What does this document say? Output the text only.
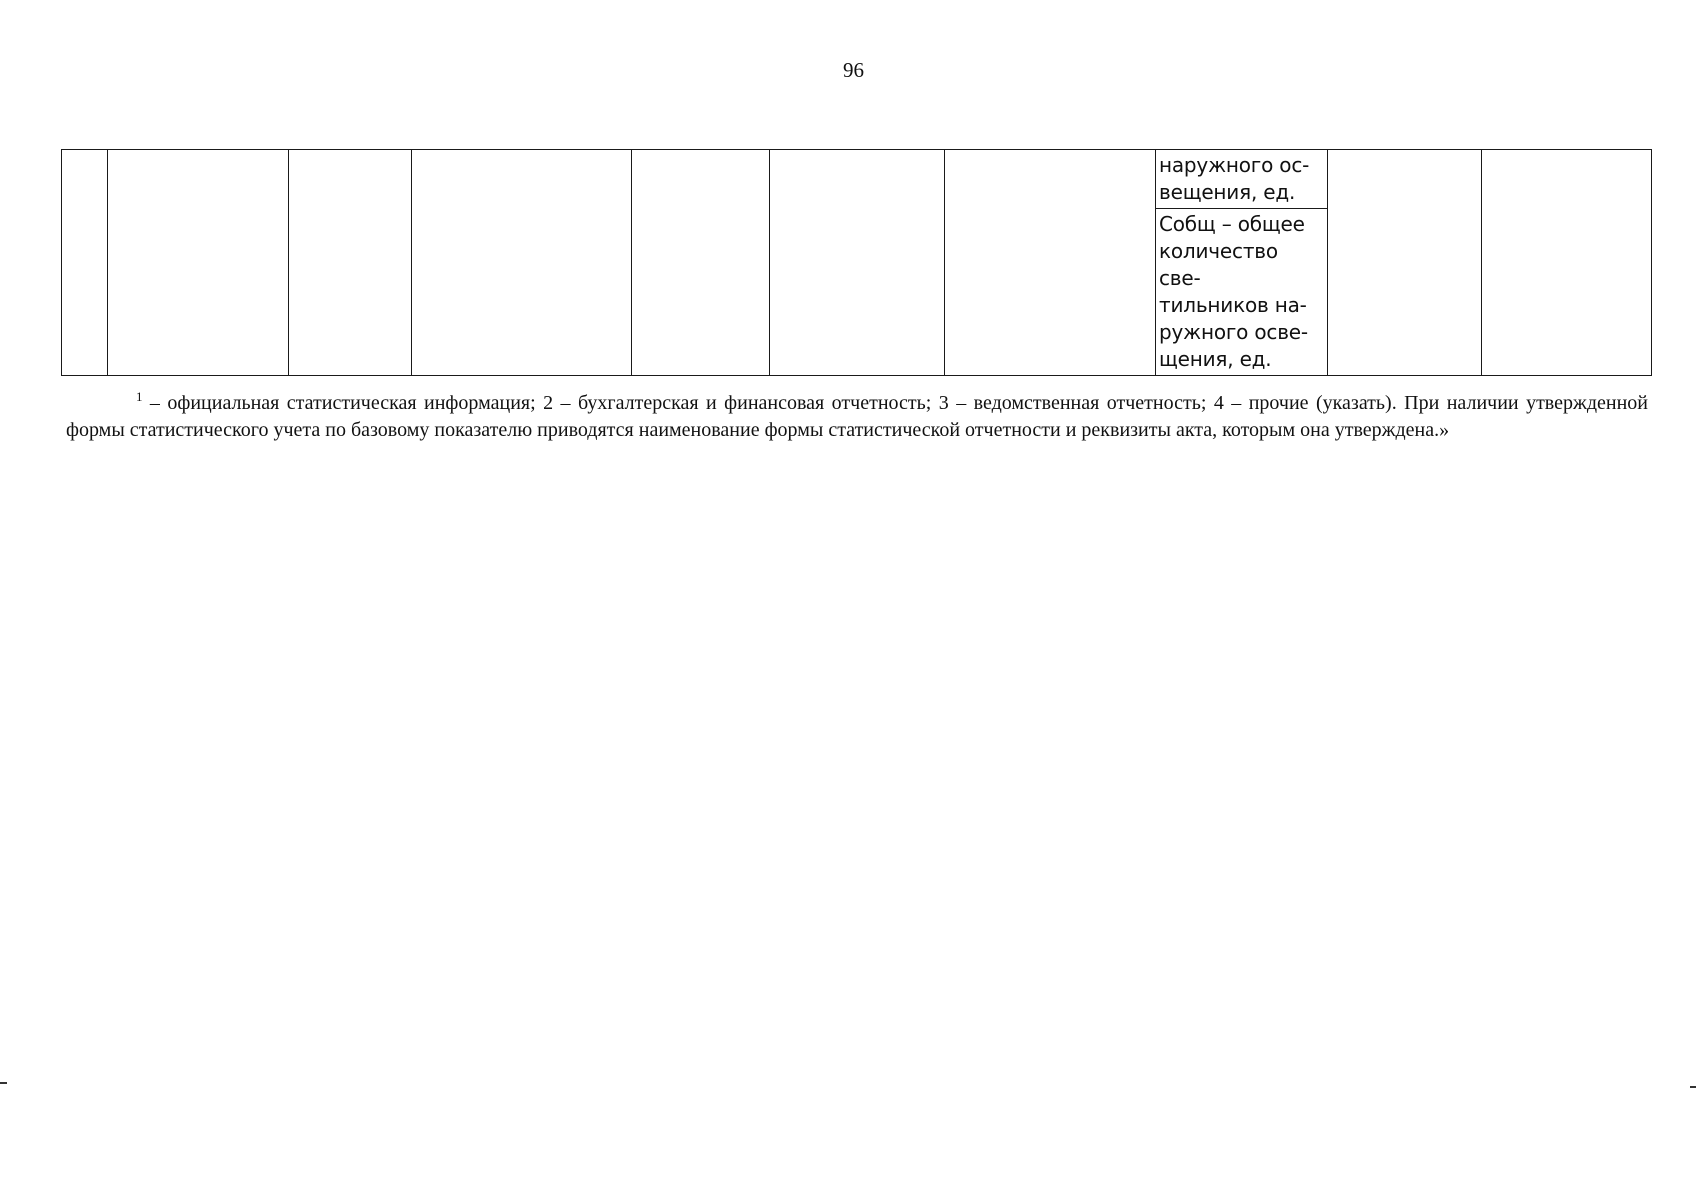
96

наружного ос-
вещения, ед.

Cобщ – общее
количество све-
тильников на-
ружного осве-
щения, ед.
$^1$ – официальная статистическая информация; 2 – бухгалтерская и финансовая отчетность; 3 – ведомственная отчетность; 4 – прочие (указать). При наличии утвержденной формы статистического учета по базовому показателю приводятся наименование формы статистической отчетности и реквизиты акта, которым она утверждена.»
